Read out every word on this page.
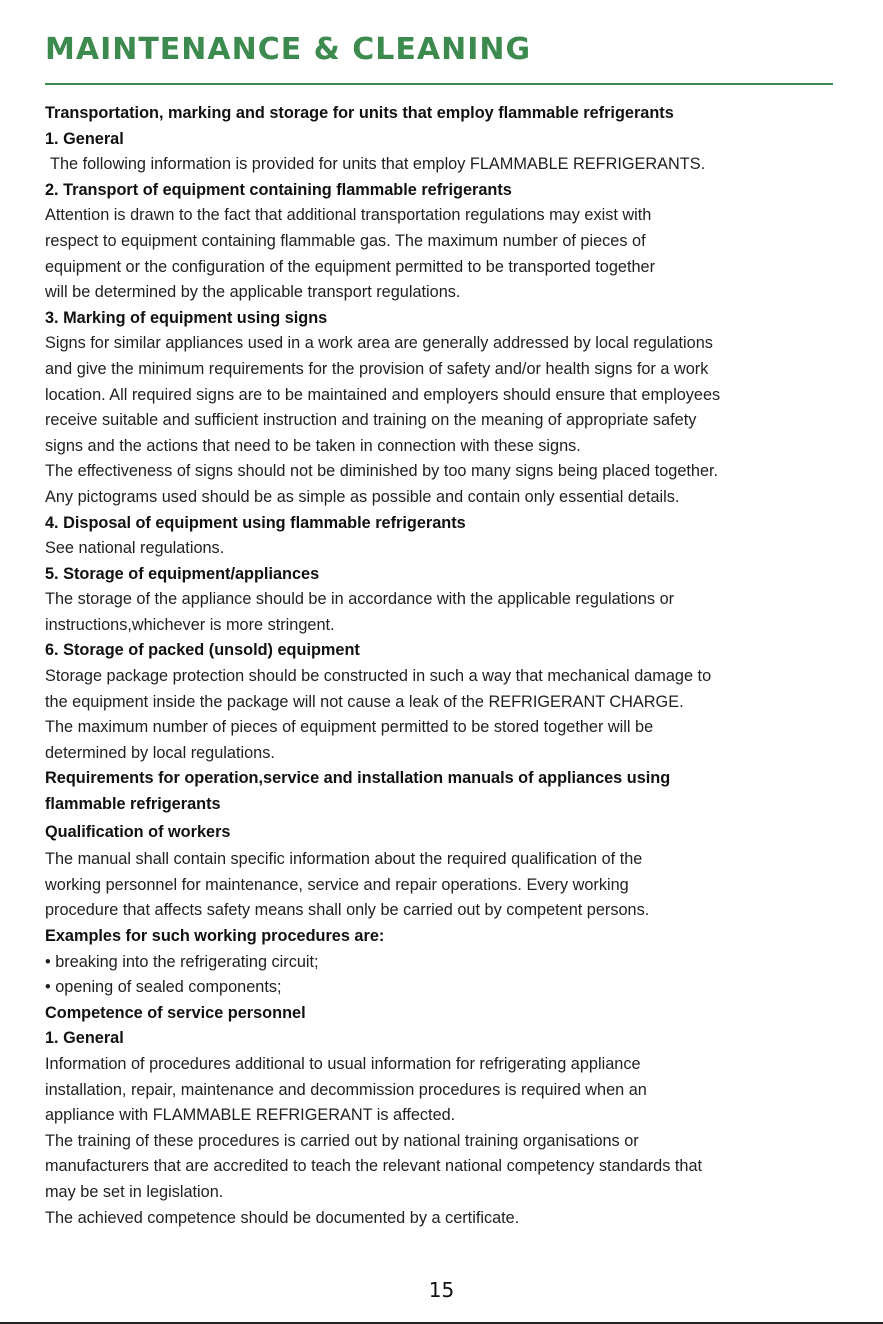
MAINTENANCE & CLEANING
Transportation, marking and storage for units that employ flammable refrigerants
1. General
The following information is provided for units that employ FLAMMABLE REFRIGERANTS.
2. Transport of equipment containing flammable refrigerants
Attention is drawn to the fact that additional transportation regulations may exist with
respect to equipment containing flammable gas. The maximum number of pieces of
equipment or the configuration of the equipment permitted to be transported together
will be determined by the applicable transport regulations.
3. Marking of equipment using signs
Signs for similar appliances used in a work area are generally addressed by local regulations
and give the minimum requirements for the provision of safety and/or health signs for a work
location. All required signs are to be maintained and employers should ensure that employees
receive suitable and sufficient instruction and training on the meaning of appropriate safety
signs and the actions that need to be taken in connection with these signs.
The effectiveness of signs should not be diminished by too many signs being placed together.
Any pictograms used should be as simple as possible and contain only essential details.
4. Disposal of equipment using flammable refrigerants
See national regulations.
5. Storage of equipment/appliances
The storage of the appliance should be in accordance with the applicable regulations or
instructions,whichever is more stringent.
6. Storage of packed (unsold) equipment
Storage package protection should be constructed in such a way that mechanical damage to
the equipment inside the package will not cause a leak of the REFRIGERANT CHARGE.
The maximum number of pieces of equipment permitted to be stored together will be
determined by local regulations.
Requirements for operation,service and installation manuals of appliances using
flammable refrigerants
Qualification of workers
The manual shall contain specific information about the required qualification of the
working personnel for maintenance, service and repair operations. Every working
procedure that affects safety means shall only be carried out by competent persons.
Examples for such working procedures are:
• breaking into the refrigerating circuit;
• opening of sealed components;
Competence of service personnel
1. General
Information of procedures additional to usual information for refrigerating appliance
installation, repair, maintenance and decommission procedures is required when an
appliance with FLAMMABLE REFRIGERANT is affected.
The training of these procedures is carried out by national training organisations or
manufacturers that are accredited to teach the relevant national competency standards that
may be set in legislation.
The achieved competence should be documented by a certificate.
15
